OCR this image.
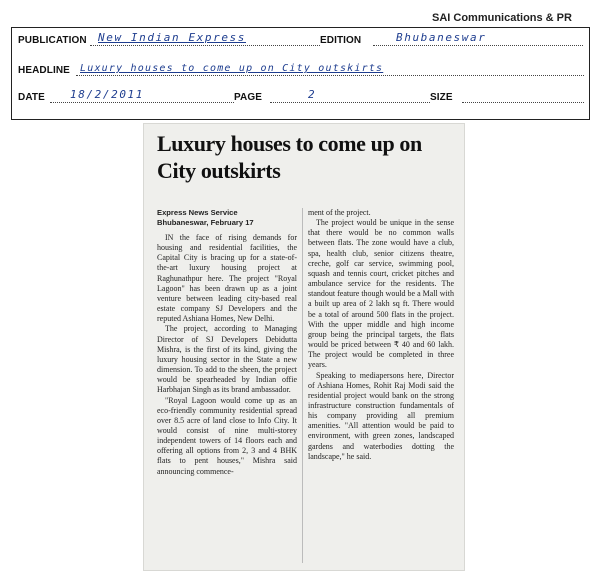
SAI Communications & PR
PUBLICATION New Indian Express	EDITION	Bhubaneswar
HEADLINE Luxury houses to come up on City outskirts
DATE 18/2/2011	PAGE	2	SIZE
Luxury houses to come up on City outskirts
Express News Service
Bhubaneswar, February 17

IN the face of rising demands for housing and residential facilities, the Capital City is bracing up for a state-of-the-art luxury housing project at Raghunathpur here. The project "Royal Lagoon" has been drawn up as a joint venture between leading city-based real estate company SJ Developers and the reputed Ashiana Homes, New Delhi.

The project, according to Managing Director of SJ Developers Debidutta Mishra, is the first of its kind, giving the luxury housing sector in the State a new dimension. To add to the sheen, the project would be spearheaded by Indian offie Harbhajan Singh as its brand ambassador.

"Royal Lagoon would come up as an eco-friendly community residential spread over 8.5 acre of land close to Info City. It would consist of nine multi-storey independent towers of 14 floors each and offering all options from 2, 3 and 4 BHK flats to pent houses," Mishra said announcing commence-

ment of the project.

The project would be unique in the sense that there would be no common walls between flats. The zone would have a club, spa, health club, senior citizens theatre, creche, golf car service, swimming pool, squash and tennis court, cricket pitches and ambulance service for the residents. The standout feature though would be a Mall with a built up area of 2 lakh sq ft. There would be a total of around 500 flats in the project. With the upper middle and high income group being the principal targets, the flats would be priced between ₹ 40 and 60 lakh. The project would be completed in three years.

Speaking to mediapersons here, Director of Ashiana Homes, Rohit Raj Modi said the residential project would bank on the strong infrastructure construction fundamentals of his company providing all premium amenities. "All attention would be paid to environment, with green zones, landscaped gardens and waterbodies dotting the landscape," he said.
